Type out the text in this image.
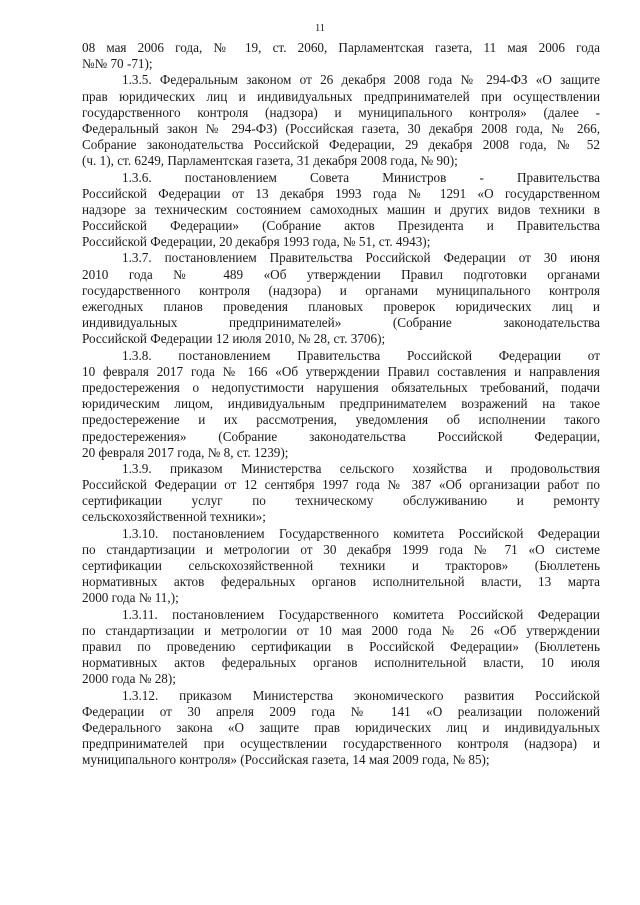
11
08 мая 2006 года, № 19, ст. 2060, Парламентская газета, 11 мая 2006 года
№№ 70 -71);
1.3.5. Федеральным законом от 26 декабря 2008 года № 294-ФЗ «О защите
прав юридических лиц и индивидуальных предпринимателей при осуществлении
государственного контроля (надзора) и муниципального контроля» (далее -
Федеральный закон № 294-ФЗ) (Российская газета, 30 декабря 2008 года, № 266,
Собрание законодательства Российской Федерации, 29 декабря 2008 года, № 52
(ч. 1), ст. 6249, Парламентская газета, 31 декабря 2008 года, № 90);
1.3.6. постановлением Совета Министров - Правительства
Российской Федерации от 13 декабря 1993 года № 1291 «О государственном
надзоре за техническим состоянием самоходных машин и других видов техники в
Российской Федерации» (Собрание актов Президента и Правительства
Российской Федерации, 20 декабря 1993 года, № 51, ст. 4943);
1.3.7. постановлением Правительства Российской Федерации от 30 июня
2010 года № 489 «Об утверждении Правил подготовки органами
государственного контроля (надзора) и органами муниципального контроля
ежегодных планов проведения плановых проверок юридических лиц и
индивидуальных предпринимателей» (Собрание законодательства
Российской Федерации 12 июля 2010, № 28, ст. 3706);
1.3.8. постановлением Правительства Российской Федерации от
10 февраля 2017 года № 166 «Об утверждении Правил составления и направления
предостережения о недопустимости нарушения обязательных требований, подачи
юридическим лицом, индивидуальным предпринимателем возражений на такое
предостережение и их рассмотрения, уведомления об исполнении такого
предостережения» (Собрание законодательства Российской Федерации,
20 февраля 2017 года, № 8, ст. 1239);
1.3.9. приказом Министерства сельского хозяйства и продовольствия
Российской Федерации от 12 сентября 1997 года № 387 «Об организации работ по
сертификации услуг по техническому обслуживанию и ремонту
сельскохозяйственной техники»;
1.3.10. постановлением Государственного комитета Российской Федерации
по стандартизации и метрологии от 30 декабря 1999 года № 71 «О системе
сертификации сельскохозяйственной техники и тракторов» (Бюллетень
нормативных актов федеральных органов исполнительной власти, 13 марта
2000 года № 11,);
1.3.11. постановлением Государственного комитета Российской Федерации
по стандартизации и метрологии от 10 мая 2000 года № 26 «Об утверждении
правил по проведению сертификации в Российской Федерации» (Бюллетень
нормативных актов федеральных органов исполнительной власти, 10 июля
2000 года № 28);
1.3.12. приказом Министерства экономического развития Российской
Федерации от 30 апреля 2009 года № 141 «О реализации положений
Федерального закона «О защите прав юридических лиц и индивидуальных
предпринимателей при осуществлении государственного контроля (надзора) и
муниципального контроля» (Российская газета, 14 мая 2009 года, № 85);
